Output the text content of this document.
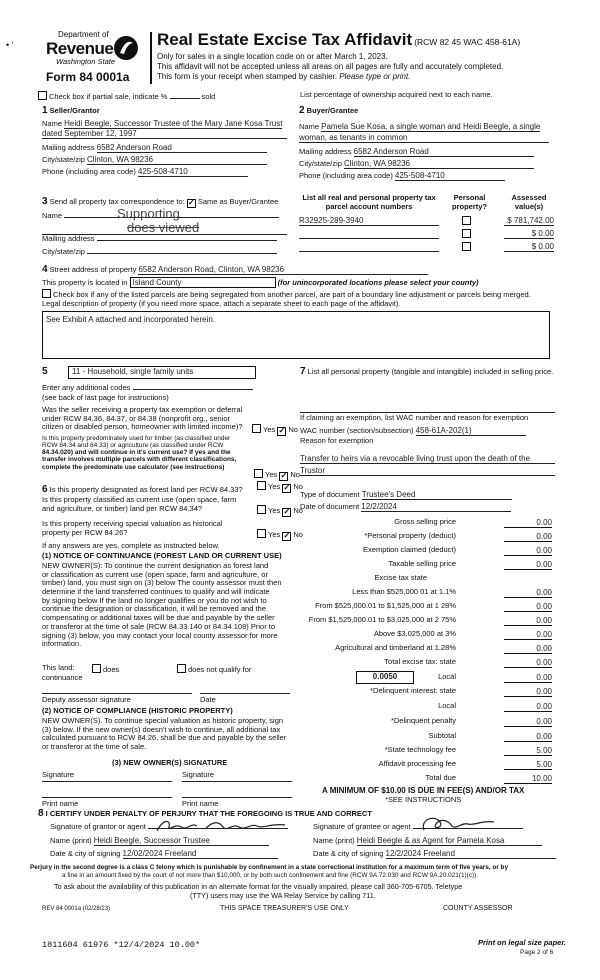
Department of
Revenue
Washington State
Form 84 0001a
• ‘	Real Estate Excise Tax Affidavit (RCW 82 45 WAC 458-61A)
Only for sales in a single location code on or after March 1, 2023.
This affidavit will not be accepted unless all areas on all pages are fully and accurately completed.
This form is your receipt when stamped by cashier. Please type or print.
Check box if partial sale, indicate %	sold	List percentage of ownership acquired next to each name.
1 Seller/Grantor
Name Heidi Beegle, Successor Trustee of the Mary Jane Kosa Trust
dated September 12, 1997
Mailing address 6582 Anderson Road
City/state/zip Clinton, WA 98236
Phone (including area code) 425-508-4710
2 Buyer/Grantee
Name Pamela Sue Kosa, a single woman and Heidi Beegle, a single
woman, as tenants in common
Mailing address 6582 Anderson Road
City/state/zip Clinton, WA 98236
Phone (including area code) 425-508-4710
3 Send all property tax correspondence to: ✓ Same as Buyer/Grantee
Name	Supporting
does viewed
Mailing address
City/state/zip
List all real and personal property tax
parcel account numbers
Personal
property?
Assessed
value(s)
R32925-289-3940	$ 781,742.00
$ 0.00
$ 0.00
4 Street address of property 6582 Anderson Road, Clinton, WA 98236
This property is located in Island County	(for unincorporated locations please select your county)
Check box if any of the listed parcels are being segregated from another parcel, are part of a boundary line adjustment or parcels being merged.
Legal description of property (if you need more space, attach a separate sheet to each page of the affidavit).
See Exhibit A attached and incorporated herein.
5	11 - Household, single family units
Enter any additional codes
(see back of last page for instructions)
Was the seller receiving a property tax exemption or deferral
under RCW 84.36, 84.37, or 84.38 (nonprofit org., senior
citizen or disabled person, homeowner with limited income)?	Yes ✓ No
Is this property predominately used for timber (as classified under
RCW 84.34 and 84.33) or agriculture (as classified under RCW
84.34.020) and will continue in it's current use? If yes and the
transfer involves multiple parcels with different classifications,
complete the predominate use calculator (see instructions)
Yes ✓ No
6 Is this property designated as forest land per RCW 84.33?	Yes ✓ No
Is this property classified as current use (open space, farm
and agriculture, or timber) land per RCW 84.34?	Yes ✓ No
Is this property receiving special valuation as historical
property per RCW 84.26?	Yes ✓ No
If any answers are yes, complete as instructed below.
(1) NOTICE OF CONTINUANCE (FOREST LAND OR CURRENT USE)
NEW OWNER(S): To continue the current designation as forest land
or classification as current use (open space, farm and agriculture, or
timber) land, you must sign on (3) below The county assessor must then
determine if the land transferred continues to qualify and will indicate
by signing below If the land no longer qualifies or you do not wish to
continue the designation or classification, it will be removed and the
compensating or additional taxes will be due and payable by the seller
or transferor at the time of sale (RCW 84.33.140 or 84.34 108) Prior to
signing (3) below, you may contact your local county assessor for more
information.
This land:	does	does not qualify for
continuance
Deputy assessor signature	Date
(2) NOTICE OF COMPLIANCE (HISTORIC PROPERTY)
NEW OWNER(S). To continue special valuation as historic property, sign
(3) below. If the new owner(s) doesn't wish to continue, all additional tax
calculated pursuant to RCW 84.26, shall be due and payable by the seller
or transferor at the time of sale.
(3) NEW OWNER(S) SIGNATURE
Signature	Signature
Print name	Print name
7 List all personal property (tangible and intangible) included in selling price.
If claiming an exemption, list WAC number and reason for exemption
WAC number (section/subsection) 458-61A-202(1)
Reason for exemption
Transfer to heirs via a revocable living trust upon the death of the
Trustor
Type of document Trustee's Deed
Date of document 12/2/2024
Gross selling price	0.00
*Personal property (deduct)	0.00
Exemption claimed (deduct)	0.00
Taxable selling price	0.00
Excise tax state
Less than $525,000 01 at 1.1%	0.00
From $525,000.01 to $1,525,000 at 1 28%	0.00
From $1,525,000.01 to $3,025,000 at 2 75%	0.00
Above $3,025,000 at 3%	0.00
Agricultural and timberland at 1.28%	0.00
Total excise tax: state	0.00
0.0050	Local	0.00
*Delinquent interest: state	0.00
Local	0.00
*Delinquent penalty	0.00
Subtotal	0.00
*State technology fee	5.00
Affidavit processing fee	5.00
Total due	10.00
A MINIMUM OF $10.00 IS DUE IN FEE(S) AND/OR TAX
*SEE INSTRUCTIONS
8 I CERTIFY UNDER PENALTY OF PERJURY THAT THE FOREGOING IS TRUE AND CORRECT
Signature of grantor or agent	Signature of grantee or agent
Name (print) Heidi Beegle, Successor Trustee	Name (print) Heidi Beegle & as Agent for Pamela Kosa
Date & city of signing 12/02/2024 Freeland	Date & city of signing 12/2/2024 Freeland
Perjury in the second degree is a class C felony which is punishable by confinement in a state correctional institution for a maximum term of five years, or by
a fine in an amount fixed by the court of not more than $10,000, or by both such confinement and fine (RCW 9A.72.030 and RCW 9A.20.021(1)(c)).
To ask about the availability of this publication in an alternate format for the visually impaired, please call 360-705-6705. Teletype
(TTY) users may use the WA Relay Service by calling 711.
REV 84 0001a (02/28/23)	THIS SPACE TREASURER'S USE ONLY	COUNTY ASSESSOR
1811604 61976 *12/4/2024 10.00*	Print on legal size paper.
Page 2 of 6
